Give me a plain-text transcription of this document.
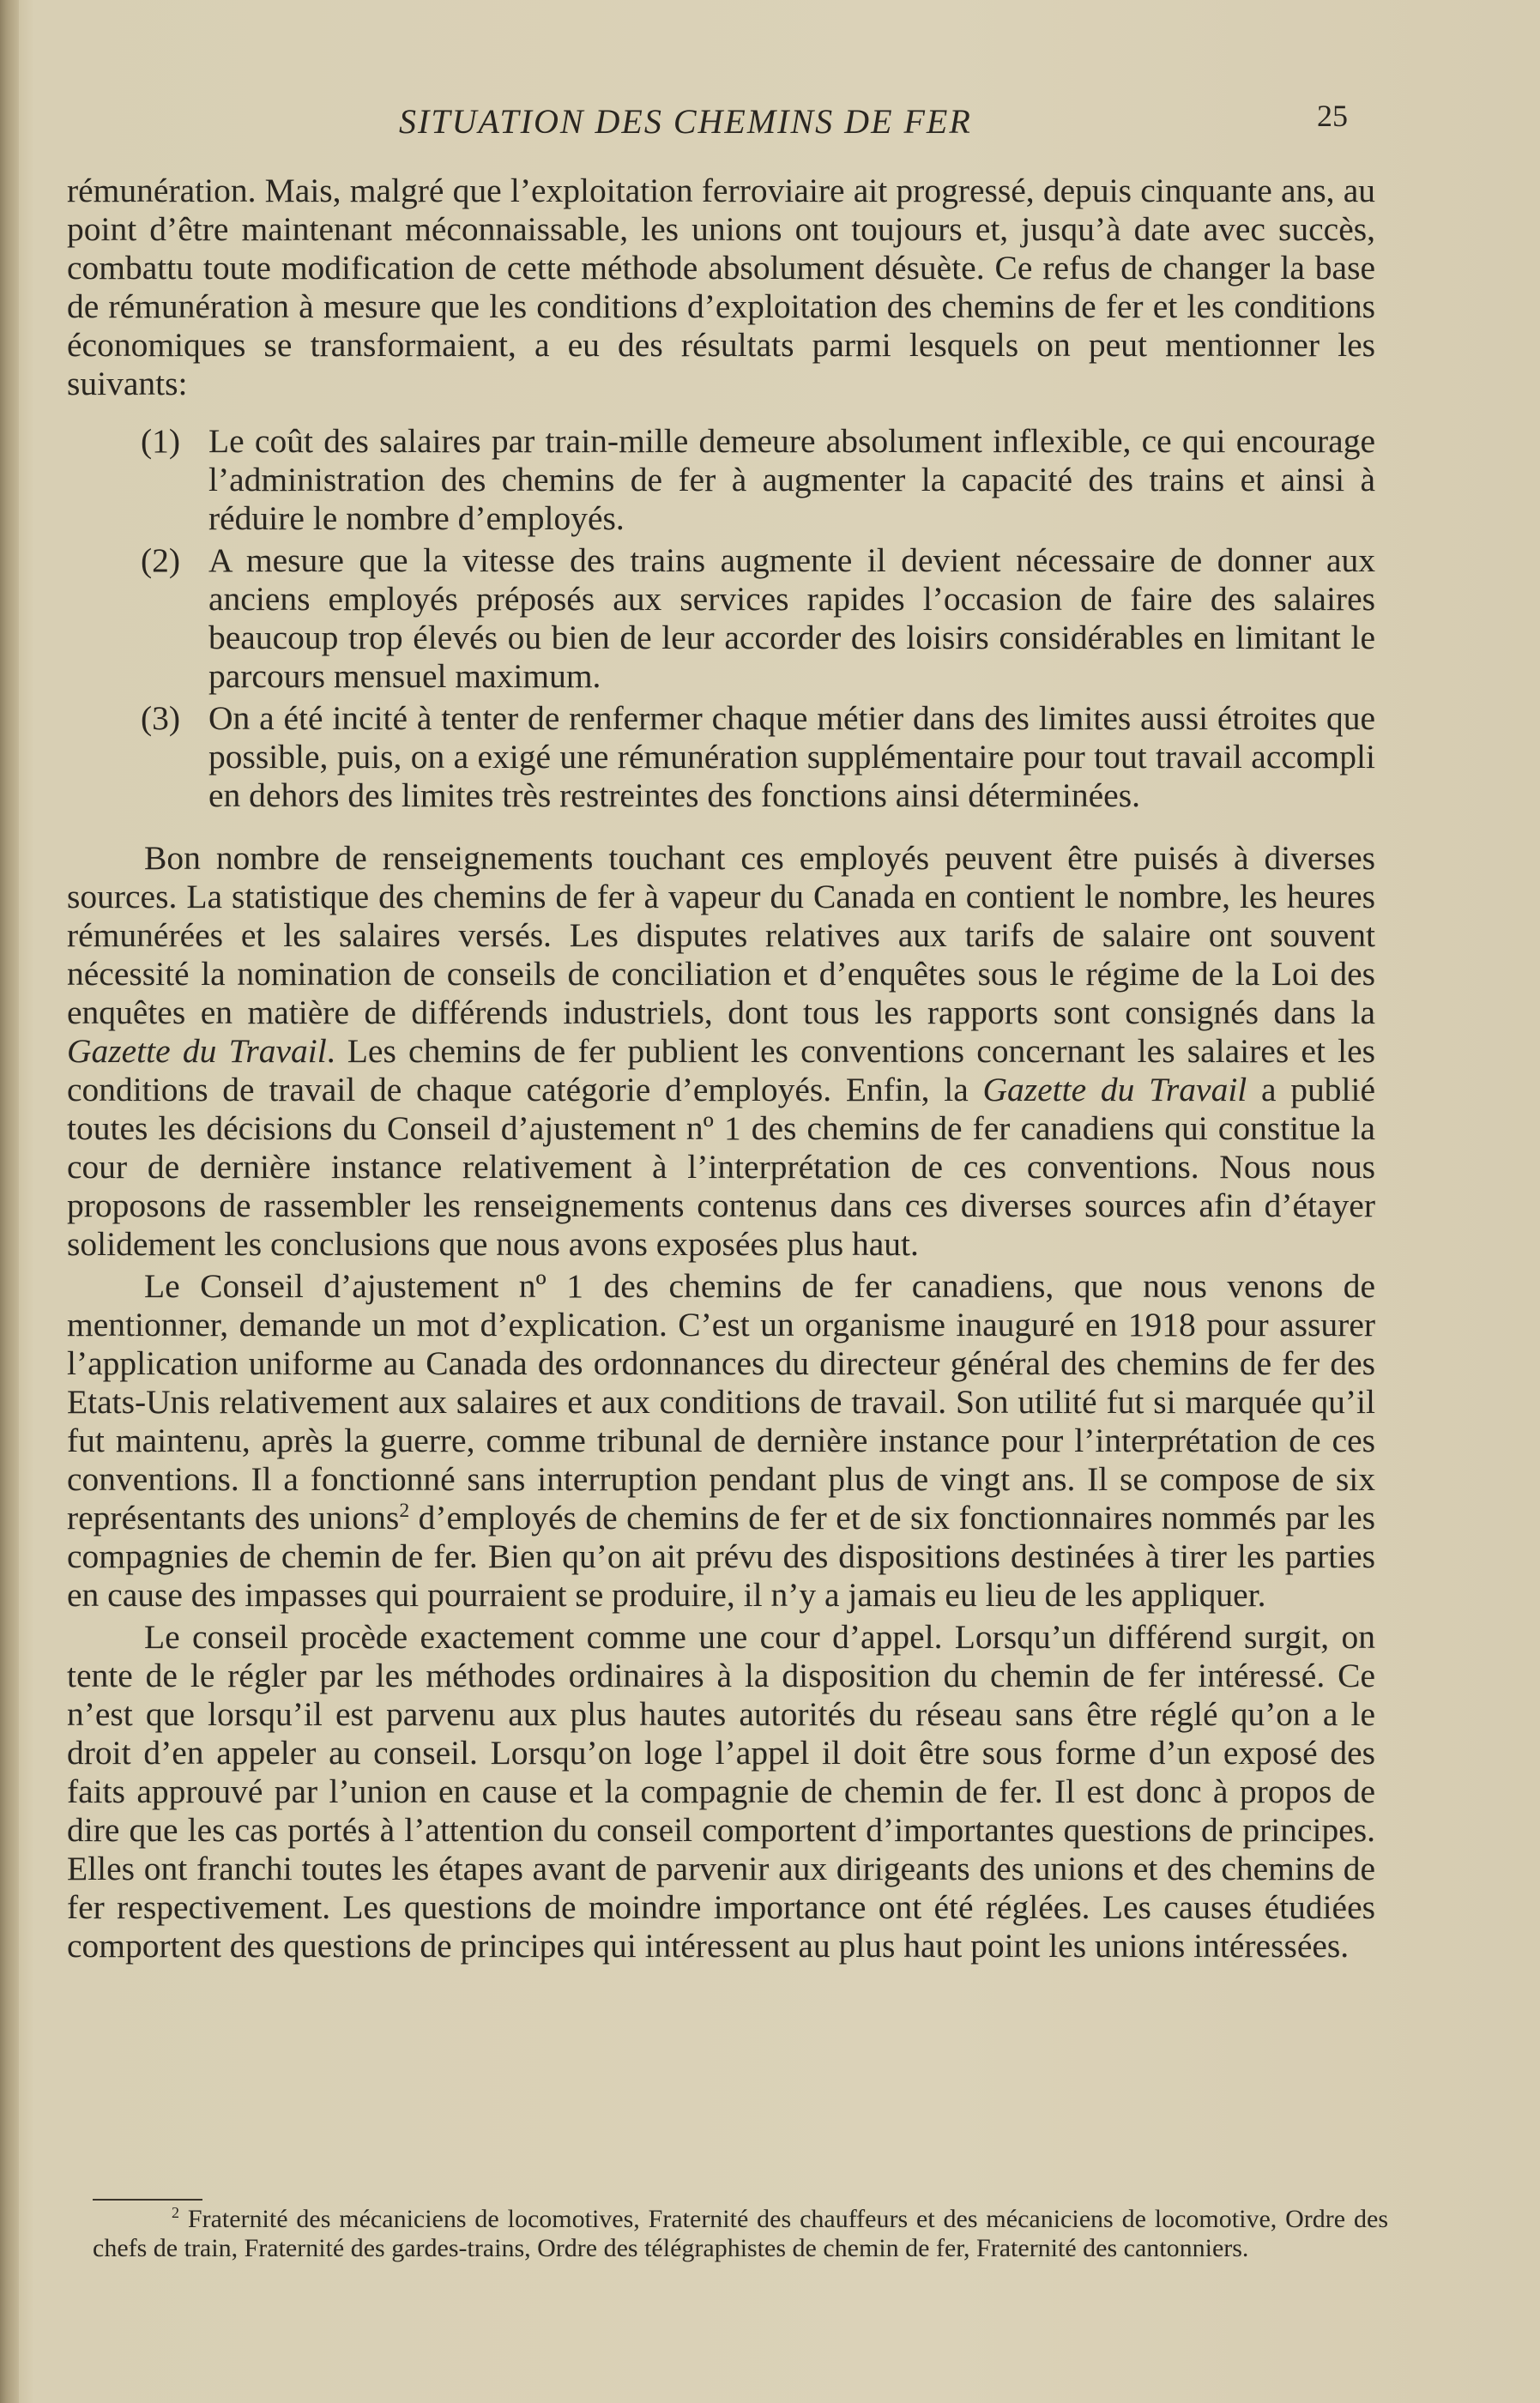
SITUATION DES CHEMINS DE FER	25

rémunération. Mais, malgré que l’exploitation ferroviaire ait progressé, depuis cinquante ans, au point d’être maintenant méconnaissable, les unions ont toujours et, jusqu’à date avec succès, combattu toute modification de cette méthode absolument désuète. Ce refus de changer la base de rémunération à mesure que les conditions d’exploitation des chemins de fer et les conditions économiques se transformaient, a eu des résultats parmi lesquels on peut mentionner les suivants:

(1) Le coût des salaires par train-mille demeure absolument inflexible, ce qui encourage l’administration des chemins de fer à augmenter la capacité des trains et ainsi à réduire le nombre d’employés.
(2) A mesure que la vitesse des trains augmente il devient nécessaire de donner aux anciens employés préposés aux services rapides l’occasion de faire des salaires beaucoup trop élevés ou bien de leur accorder des loisirs considérables en limitant le parcours mensuel maximum.
(3) On a été incité à tenter de renfermer chaque métier dans des limites aussi étroites que possible, puis, on a exigé une rémunération supplémentaire pour tout travail accompli en dehors des limites très restreintes des fonctions ainsi déterminées.

Bon nombre de renseignements touchant ces employés peuvent être puisés à diverses sources. La statistique des chemins de fer à vapeur du Canada en contient le nombre, les heures rémunérées et les salaires versés. Les disputes relatives aux tarifs de salaire ont souvent nécessité la nomination de conseils de conciliation et d’enquêtes sous le régime de la Loi des enquêtes en matière de différends industriels, dont tous les rapports sont consignés dans la Gazette du Travail. Les chemins de fer publient les conventions concernant les salaires et les conditions de travail de chaque catégorie d’employés. Enfin, la Gazette du Travail a publié toutes les décisions du Conseil d’ajustement nº 1 des chemins de fer canadiens qui constitue la cour de dernière instance relativement à l’interprétation de ces conventions. Nous nous proposons de rassembler les renseignements contenus dans ces diverses sources afin d’étayer solidement les conclusions que nous avons exposées plus haut.

Le Conseil d’ajustement nº 1 des chemins de fer canadiens, que nous venons de mentionner, demande un mot d’explication. C’est un organisme inauguré en 1918 pour assurer l’application uniforme au Canada des ordonnances du directeur général des chemins de fer des Etats-Unis relativement aux salaires et aux conditions de travail. Son utilité fut si marquée qu’il fut maintenu, après la guerre, comme tribunal de dernière instance pour l’interprétation de ces conventions. Il a fonctionné sans interruption pendant plus de vingt ans. Il se compose de six représentants des unions$^2$ d’employés de chemins de fer et de six fonctionnaires nommés par les compagnies de chemin de fer. Bien qu’on ait prévu des dispositions destinées à tirer les parties en cause des impasses qui pourraient se produire, il n’y a jamais eu lieu de les appliquer.

Le conseil procède exactement comme une cour d’appel. Lorsqu’un différend surgit, on tente de le régler par les méthodes ordinaires à la disposition du chemin de fer intéressé. Ce n’est que lorsqu’il est parvenu aux plus hautes autorités du réseau sans être réglé qu’on a le droit d’en appeler au conseil. Lorsqu’on loge l’appel il doit être sous forme d’un exposé des faits approuvé par l’union en cause et la compagnie de chemin de fer. Il est donc à propos de dire que les cas portés à l’attention du conseil comportent d’importantes questions de principes. Elles ont franchi toutes les étapes avant de parvenir aux dirigeants des unions et des chemins de fer respectivement. Les questions de moindre importance ont été réglées. Les causes étudiées comportent des questions de principes qui intéressent au plus haut point les unions intéressées.

$^2$ Fraternité des mécaniciens de locomotives, Fraternité des chauffeurs et des mécaniciens de locomotive, Ordre des chefs de train, Fraternité des gardes-trains, Ordre des télégraphistes de chemin de fer, Fraternité des cantonniers.
